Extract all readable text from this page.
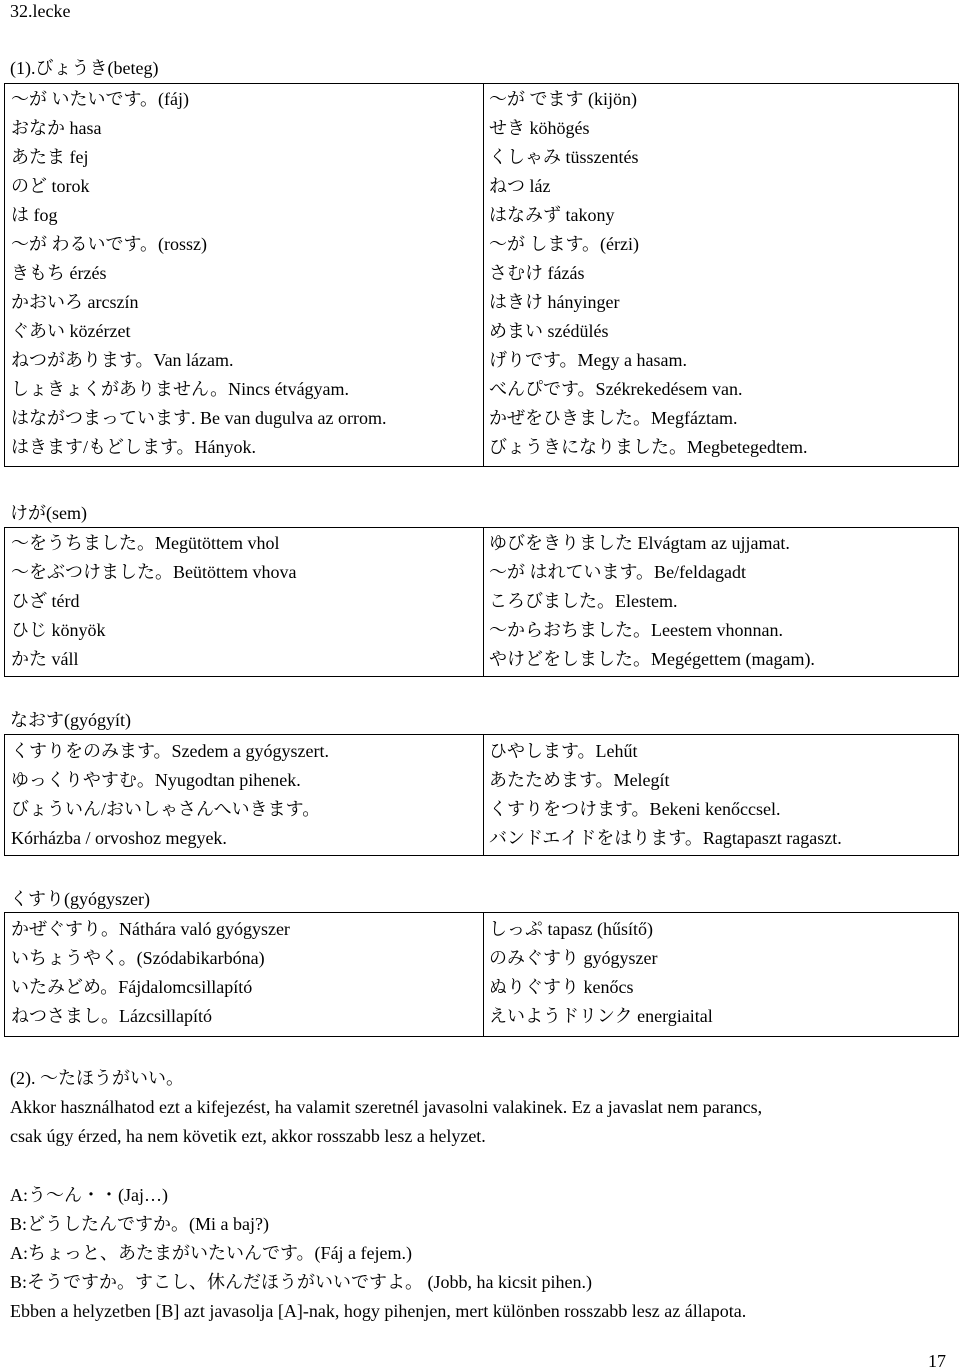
32.lecke
(1).びょうき(beteg)
〜が いたいです。(fáj)
おなか hasa
あたま fej
のど torok
は fog
〜が わるいです。(rossz)
きもち érzés
かおいろ arcszín
ぐあい közérzet
ねつがあります。Van lázam.
しょきょくがありません。Nincs étvágyam.
はながつまっています. Be van dugulva az orrom.
はきます/もどします。Hányok.
〜が でます (kijön)
せき köhögés
くしゃみ tüsszentés
ねつ láz
はなみず takony
〜が します。(érzi)
さむけ fázás
はきけ hányinger
めまい szédülés
げりです。Megy a hasam.
べんぴです。Székrekedésem van.
かぜをひきました。Megfáztam.
びょうきになりました。Megbetegedtem.
けが(sem)
〜をうちました。Megütöttem vhol
〜をぶつけました。Beütöttem vhova
ひざ térd
ひじ könyök
かた váll
ゆびをきりました Elvágtam az ujjamat.
〜が はれています。Be/feldagadt
ころびました。Elestem.
〜からおちました。Leestem vhonnan.
やけどをしました。Megégettem (magam).
なおす(gyógyít)
くすりをのみます。Szedem a gyógyszert.
ゆっくりやすむ。Nyugodtan pihenek.
びょういん/おいしゃさんへいきます。
Kórházba / orvoshoz megyek.
ひやします。Lehűt
あたためます。Melegít
くすりをつけます。Bekeni kenőccsel.
バンドエイドをはります。Ragtapaszt ragaszt.
くすり(gyógyszer)
かぜぐすり。Náthára való gyógyszer
いちょうやく。(Szódabikarbóna)
いたみどめ。Fájdalomcsillapító
ねつさまし。Lázcsillapító
しっぷ tapasz (hűsítő)
のみぐすり gyógyszer
ぬりぐすり kenőcs
えいようドリンク energiaital
(2). 〜たほうがいい。
Akkor használhatod ezt a kifejezést, ha valamit szeretnél javasolni valakinek. Ez a javaslat nem parancs,
csak úgy érzed, ha nem követik ezt, akkor rosszabb lesz a helyzet.
A:う〜ん・・(Jaj…)
B:どうしたんですか。(Mi a baj?)
A:ちょっと、あたまがいたいんです。(Fáj a fejem.)
B:そうですか。すこし、休んだほうがいいですよ。 (Jobb, ha kicsit pihen.)
Ebben a helyzetben [B] azt javasolja [A]-nak, hogy pihenjen, mert különben rosszabb lesz az állapota.
17
